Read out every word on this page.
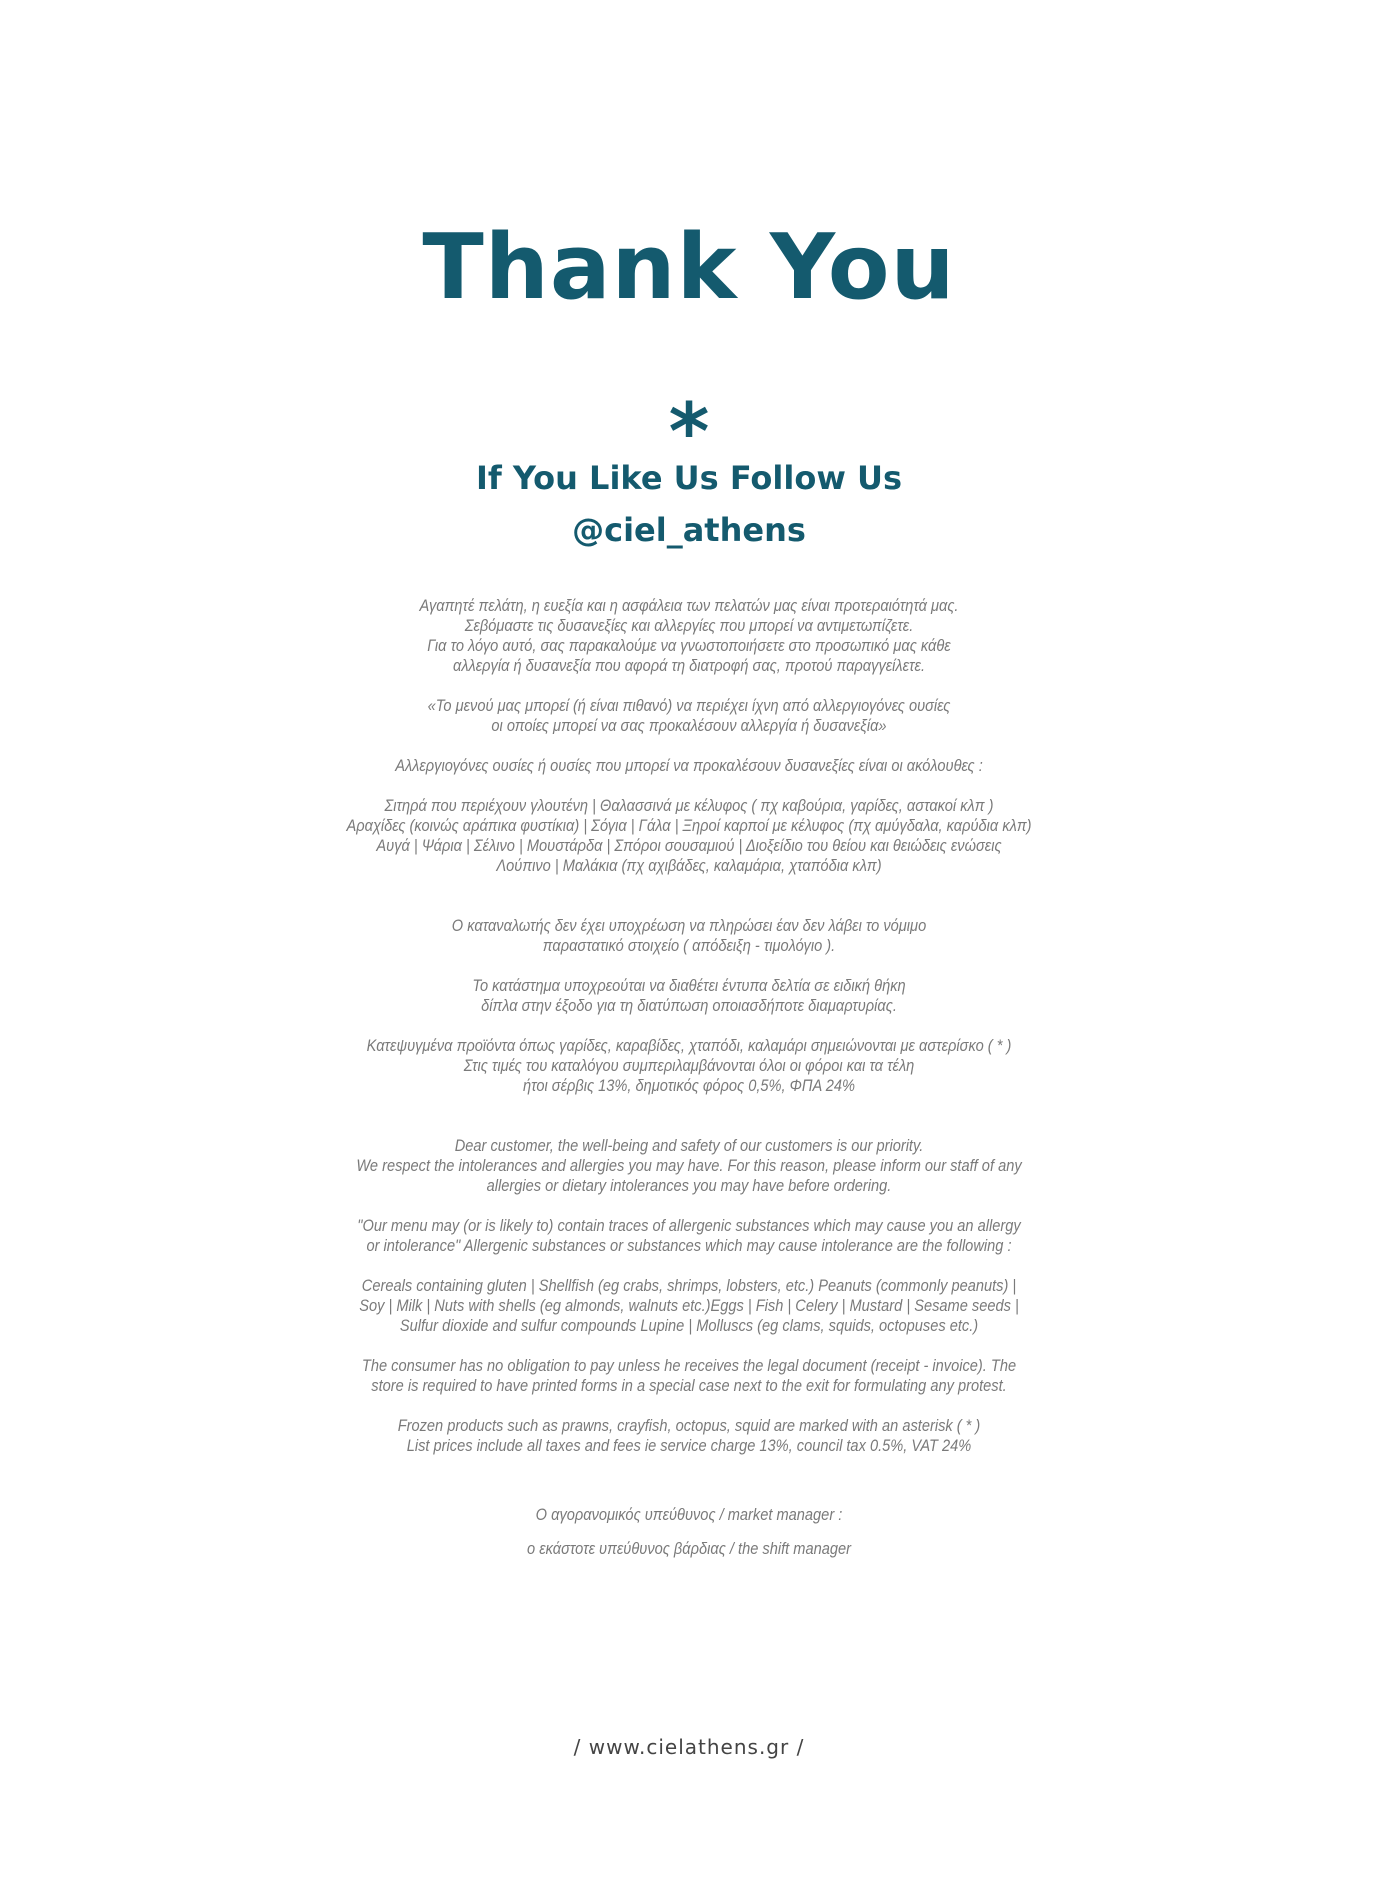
Thank You
*
If You Like Us Follow Us
@ciel_athens
Αγαπητέ πελάτη, η ευεξία και η ασφάλεια των πελατών μας είναι προτεραιότητά μας.
Σεβόμαστε τις δυσανεξίες και αλλεργίες που μπορεί να αντιμετωπίζετε.
Για το λόγο αυτό, σας παρακαλούμε να γνωστοποιήσετε στο προσωπικό μας κάθε
αλλεργία ή δυσανεξία που αφορά τη διατροφή σας, προτού παραγγείλετε.
«Το μενού μας μπορεί (ή είναι πιθανό) να περιέχει ίχνη από αλλεργιογόνες ουσίες
οι οποίες μπορεί να σας προκαλέσουν αλλεργία ή δυσανεξία»
Αλλεργιογόνες ουσίες ή ουσίες που μπορεί να προκαλέσουν δυσανεξίες είναι οι ακόλουθες :
Σιτηρά που περιέχουν γλουτένη | Θαλασσινά με κέλυφος ( πχ καβούρια, γαρίδες, αστακοί κλπ )
Αραχίδες (κοινώς αράπικα φυστίκια) | Σόγια | Γάλα | Ξηροί καρποί με κέλυφος (πχ αμύγδαλα, καρύδια κλπ)
Αυγά | Ψάρια | Σέλινο | Μουστάρδα | Σπόροι σουσαμιού | Διοξείδιο του θείου και θειώδεις ενώσεις
Λούπινο | Μαλάκια (πχ αχιβάδες, καλαμάρια, χταπόδια κλπ)
Ο καταναλωτής δεν έχει υποχρέωση να πληρώσει έαν δεν λάβει το νόμιμο
παραστατικό στοιχείο ( απόδειξη - τιμολόγιο ).
Το κατάστημα υποχρεούται να διαθέτει έντυπα δελτία σε ειδική θήκη
δίπλα στην έξοδο για τη διατύπωση οποιασδήποτε διαμαρτυρίας.
Κατεψυγμένα προϊόντα όπως γαρίδες, καραβίδες, χταπόδι, καλαμάρι σημειώνονται με αστερίσκο ( * )
Στις τιμές του καταλόγου συμπεριλαμβάνονται όλοι οι φόροι και τα τέλη
ήτοι σέρβις 13%, δημοτικός φόρος 0,5%, ΦΠΑ 24%
Dear customer, the well-being and safety of our customers is our priority.
We respect the intolerances and allergies you may have. For this reason, please inform our staff of any
allergies or dietary intolerances you may have before ordering.
"Our menu may (or is likely to) contain traces of allergenic substances which may cause you an allergy
or intolerance" Allergenic substances or substances which may cause intolerance are the following :
Cereals containing gluten | Shellfish (eg crabs, shrimps, lobsters, etc.) Peanuts (commonly peanuts) |
Soy | Milk | Nuts with shells (eg almonds, walnuts etc.)Eggs | Fish | Celery | Mustard | Sesame seeds |
Sulfur dioxide and sulfur compounds Lupine | Molluscs (eg clams, squids, octopuses etc.)
The consumer has no obligation to pay unless he receives the legal document (receipt - invoice). The
store is required to have printed forms in a special case next to the exit for formulating any protest.
Frozen products such as prawns, crayfish, octopus, squid are marked with an asterisk ( * )
List prices include all taxes and fees ie service charge 13%, council tax 0.5%, VAT 24%
Ο αγορανομικός υπεύθυνος / market manager :
ο εκάστοτε υπεύθυνος βάρδιας / the shift manager
/ www.cielathens.gr /
